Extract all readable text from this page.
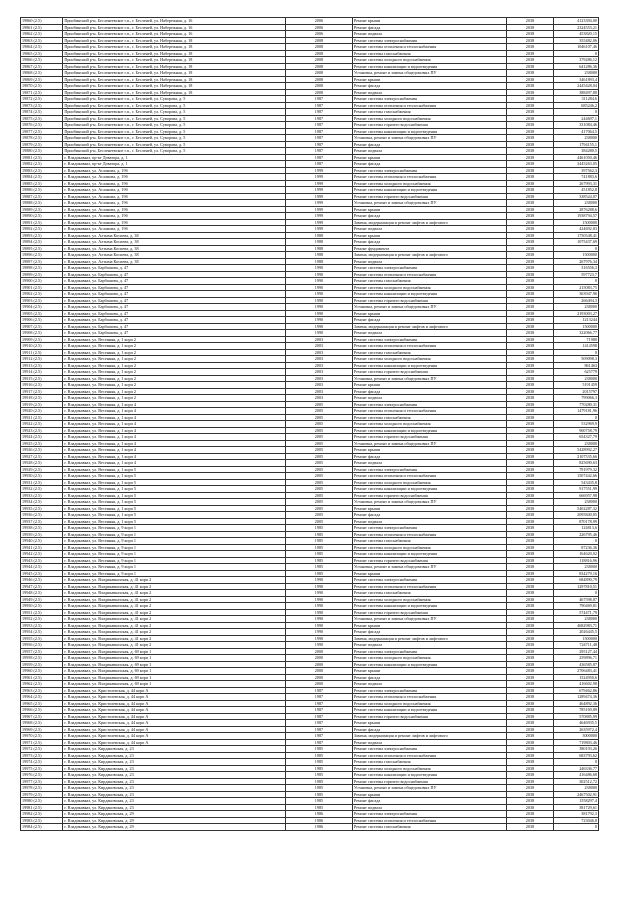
19860 (2.5)	Приобинский р-н, Бесленеевское г.п., г. Бесленей, ул. Набережная, д. 16	2006	Ремонт крыши	2038	4123394,00
19861 (2.5)	Приобинский р-н, Бесленеевское г.п., г. Бесленей, ул. Набережная, д. 16	2006	Ремонт фасада	2038	2324553,21
19862 (2.5)	Приобинский р-н, Бесленеевское г.п., г. Бесленей, ул. Набережная, д. 16	2006	Ремонт подвала	2038	453820,15
19863 (2.5)	Приобинский р-н, Бесленеевское г.п., г. Бесленей, ул. Набережная, д. 18	2008	Ремонт системы электроснабжения	2038	355482,06
19864 (2.5)	Приобинский р-н, Бесленеевское г.п., г. Бесленей, ул. Набережная, д. 18	2008	Ремонт системы отопления и теплоснабжения	2038	1046107,46
19865 (2.5)	Приобинский р-н, Бесленеевское г.п., г. Бесленей, ул. Набережная, д. 18	2008	Ремонт системы газоснабжения	2038	0
19866 (2.5)	Приобинский р-н, Бесленеевское г.п., г. Бесленей, ул. Набережная, д. 18	2008	Ремонт системы холодного водоснабжения	2038	379286,12
19867 (2.5)	Приобинский р-н, Бесленеевское г.п., г. Бесленей, ул. Набережная, д. 18	2008	Ремонт системы канализации и водоотведения	2038	641286,36
19868 (2.5)	Приобинский р-н, Бесленеевское г.п., г. Бесленей, ул. Набережная, д. 18	2008	Установка, ремонт и замена общедомовых ПУ	2038	238000
19869 (2.5)	Приобинский р-н, Бесленеевское г.п., г. Бесленей, ул. Набережная, д. 18	2008	Ремонт крыши	2038	3461893,4
19870 (2.5)	Приобинский р-н, Бесленеевское г.п., г. Бесленей, ул. Набережная, д. 18	2008	Ремонт фасада	2038	2445428,04
19871 (2.5)	Приобинский р-н, Бесленеевское г.п., г. Бесленей, ул. Набережная, д. 18	2008	Ремонт подвала	2038	388497,80
19872 (2.5)	Приобинский р-н, Бесленеевское г.п., г. Бесленей, ул. Суворова, д. 5	1987	Ремонт системы электроснабжения	2038	311284,6
19873 (2.5)	Приобинский р-н, Бесленеевское г.п., г. Бесленей, ул. Суворова, д. 5	1987	Ремонт системы отопления и теплоснабжения	2038	685246,2
19874 (2.5)	Приобинский р-н, Бесленеевское г.п., г. Бесленей, ул. Суворова, д. 5	1987	Ремонт системы газоснабжения	2038	0
19875 (2.5)	Приобинский р-н, Бесленеевское г.п., г. Бесленей, ул. Суворова, д. 5	1987	Ремонт системы холодного водоснабжения	2038	244697,1
19876 (2.5)	Приобинский р-н, Бесленеевское г.п., г. Бесленей, ул. Суворова, д. 5	1987	Ремонт системы горячего водоснабжения	2038	331084,46
19877 (2.5)	Приобинский р-н, Бесленеевское г.п., г. Бесленей, ул. Суворова, д. 5	1987	Ремонт системы канализации и водоотведения	2038	417064,5
19878 (2.5)	Приобинский р-н, Бесленеевское г.п., г. Бесленей, ул. Суворова, д. 5	1987	Установка, ремонт и замена общедомовых ПУ	2038	238000
19879 (2.5)	Приобинский р-н, Бесленеевское г.п., г. Бесленей, ул. Суворова, д. 5	1987	Ремонт фасада	2038	1794155,1
19880 (2.5)	Приобинский р-н, Бесленеевское г.п., г. Бесленей, ул. Суворова, д. 5	1987	Ремонт подвала	2038	384280,5
19881 (2.5)	г. Владикавказ, пр-кт Доватора, д. 1	1987	Ремонт крыши	2038	4461050,46
19882 (2.5)	г. Владикавказ, пр-кт Доватора, д. 1	1987	Ремонт фасада	2038	3445263,05
19883 (2.5)	г. Владикавказ, ул. Асланова, д. 19б	1999	Ремонт системы электроснабжения	2038	397562,3
19884 (2.5)	г. Владикавказ, ул. Асланова, д. 19б	1999	Ремонт системы отопления и теплоснабжения	2038	741883,6
19885 (2.5)	г. Владикавказ, ул. Асланова, д. 19б	1999	Ремонт системы холодного водоснабжения	2038	267993,31
19886 (2.5)	г. Владикавказ, ул. Асланова, д. 19б	1999	Ремонт системы канализации и водоотведения	2038	451852,8
19887 (2.5)	г. Владикавказ, ул. Асланова, д. 19б	1999	Ремонт системы горячего водоснабжения	2038	338524,07
19888 (2.5)	г. Владикавказ, ул. Асланова, д. 19б	1999	Установка, ремонт и замена общедомовых ПУ	2038	238000
19889 (2.5)	г. Владикавказ, ул. Асланова, д. 19б	1999	Ремонт крыши	2038	2876288,6
19890 (2.5)	г. Владикавказ, ул. Асланова, д. 19б	1999	Ремонт фасада	2038	1938794,57
19891 (2.5)	г. Владикавказ, ул. Асланова, д. 19б	1999	Замена, модернизация и ремонт лифтов и лифтового	2038	1500000
19892 (2.5)	г. Владикавказ, ул. Асланова, д. 19б	1999	Ремонт подвала	2038	424692,83
19893 (2.5)	г. Владикавказ, ул. Алтыма Косиева, д. 38	1988	Ремонт крыши	2038	1750548,41
19894 (2.5)	г. Владикавказ, ул. Алтыма Косиева, д. 38	1988	Ремонт фасада	2038	1075437,69
19895 (2.5)	г. Владикавказ, ул. Алтыма Косиева, д. 38	1988	Ремонт фундамента	2038	0
19896 (2.5)	г. Владикавказ, ул. Алтыма Косиева, д. 38	1988	Замена, модернизация и ремонт лифтов и лифтового	2038	1500000
19897 (2.5)	г. Владикавказ, ул. Алтыма Косиева, д. 38	1988	Ремонт подвала	2038	267976,34
19898 (2.5)	г. Владикавказ, ул. Барбашова, д. 47	1990	Ремонт системы электроснабжения	2038	316556,3
19899 (2.5)	г. Владикавказ, ул. Барбашова, д. 47	1990	Ремонт системы отопления и теплоснабжения	2038	597723,7
19900 (2.5)	г. Владикавказ, ул. Барбашова, д. 47	1990	Ремонт системы газоснабжения	2038	0
19901 (2.5)	г. Владикавказ, ул. Барбашова, д. 47	1990	Ремонт системы холодного водоснабжения	2038	215083,75
19902 (2.5)	г. Владикавказ, ул. Барбашова, д. 47	1990	Ремонт системы канализации и водоотведения	2038	363947,96
19903 (2.5)	г. Владикавказ, ул. Барбашова, д. 47	1990	Ремонт системы горячего водоснабжения	2038	266494,3
19904 (2.5)	г. Владикавказ, ул. Барбашова, д. 47	1990	Установка, ремонт и замена общедомовых ПУ	2038	238000
19905 (2.5)	г. Владикавказ, ул. Барбашова, д. 47	1990	Ремонт крыши	2038	2193003,27
19906 (2.5)	г. Владикавказ, ул. Барбашова, д. 47	1990	Ремонт фасада	2038	1213244
19907 (2.5)	г. Владикавказ, ул. Барбашова, д. 47	1990	Замена, модернизация и ремонт лифтов и лифтового	2038	1500000
19908 (2.5)	г. Владикавказ, ул. Барбашова, д. 47	1990	Ремонт подвала	2038	322066,77
19909 (2.5)	г. Владикавказ, ул. Весенняя, д. 1 корп 2	2003	Ремонт системы электроснабжения	2038	71980
19910 (2.5)	г. Владикавказ, ул. Весенняя, д. 1 корп 2	2003	Ремонт системы отопления и теплоснабжения	2038	1414598
19911 (2.5)	г. Владикавказ, ул. Весенняя, д. 1 корп 2	2003	Ремонт системы газоснабжения	2038	0
19912 (2.5)	г. Владикавказ, ул. Весенняя, д. 1 корп 2	2003	Ремонт системы холодного водоснабжения	2038	509098,3
19913 (2.5)	г. Владикавказ, ул. Весенняя, д. 1 корп 2	2003	Ремонт системы канализации и водоотведения	2038	861463
19914 (2.5)	г. Владикавказ, ул. Весенняя, д. 1 корп 2	2003	Ремонт системы горячего водоснабжения	2038	625779
19915 (2.5)	г. Владикавказ, ул. Весенняя, д. 1 корп 2	2003	Установка, ремонт и замена общедомовых ПУ	2038	238000
19916 (2.5)	г. Владикавказ, ул. Весенняя, д. 1 корп 2	2003	Ремонт крыши	2038	5191459
19917 (2.5)	г. Владикавказ, ул. Весенняя, д. 1 корп 2	2003	Ремонт фасада	2038	2015797
19918 (2.5)	г. Владикавказ, ул. Весенняя, д. 1 корп 2	2003	Ремонт подвала	2038	799066,3
19919 (2.5)	г. Владикавказ, ул. Весенняя, д. 1 корп 4	2005	Ремонт системы электроснабжения	2038	770280,31
19920 (2.5)	г. Владикавказ, ул. Весенняя, д. 1 корп 4	2005	Ремонт системы отопления и теплоснабжения	2038	1479181,96
19921 (2.5)	г. Владикавказ, ул. Весенняя, д. 1 корп 4	2005	Ремонт системы газоснабжения	2038	0
19922 (2.5)	г. Владикавказ, ул. Весенняя, д. 1 корп 4	2005	Ремонт системы холодного водоснабжения	2038	532969,9
19923 (2.5)	г. Владикавказ, ул. Весенняя, д. 1 корп 4	2005	Ремонт системы канализации и водоотведения	2038	900758,79
19924 (2.5)	г. Владикавказ, ул. Весенняя, д. 1 корп 4	2005	Ремонт системы горячего водоснабжения	2038	654327,79
19925 (2.5)	г. Владикавказ, ул. Весенняя, д. 1 корп 4	2005	Установка, ремонт и замена общедомовых ПУ	2038	238000
19926 (2.5)	г. Владикавказ, ул. Весенняя, д. 1 корп 4	2005	Ремонт крыши	2038	5428992,27
19927 (2.5)	г. Владикавказ, ул. Весенняя, д. 1 корп 4	2005	Ремонт фасада	2038	2107535,66
19928 (2.5)	г. Владикавказ, ул. Весенняя, д. 1 корп 4	2005	Ремонт подвала	2038	825690,63
19929 (2.5)	г. Владикавказ, ул. Весенняя, д. 1 корп 5	2005	Ремонт системы электроснабжения	2038	791979,32
19930 (2.5)	г. Владикавказ, ул. Весенняя, д. 1 корп 5	2005	Ремонт системы отопления и теплоснабжения	2038	1507442,66
19931 (2.5)	г. Владикавказ, ул. Весенняя, д. 1 корп 5	2005	Ремонт системы холодного водоснабжения	2038	543435,8
19932 (2.5)	г. Владикавказ, ул. Весенняя, д. 1 корп 5	2005	Ремонт системы канализации и водоотведения	2038	917551,99
19933 (2.5)	г. Владикавказ, ул. Весенняя, д. 1 корп 5	2005	Ремонт системы горячего водоснабжения	2038	666957,98
19934 (2.5)	г. Владикавказ, ул. Весенняя, д. 1 корп 5	2005	Установка, ремонт и замена общедомовых ПУ	2038	238000
19935 (2.5)	г. Владикавказ, ул. Весенняя, д. 1 корп 5	2005	Ремонт крыши	2038	5402287,32
19936 (2.5)	г. Владикавказ, ул. Весенняя, д. 1 корп 5	2005	Ремонт фасада	2038	2095840,05
19937 (2.5)	г. Владикавказ, ул. Весенняя, д. 1 корп 5	2005	Ремонт подвала	2038	870178,99
19938 (2.5)	г. Владикавказ, ул. Весенняя, д. 9 корп 1	1985	Ремонт системы электроснабжения	2038	124813,6
19939 (2.5)	г. Владикавказ, ул. Весенняя, д. 9 корп 1	1985	Ремонт системы отопления и теплоснабжения	2038	226795,46
19940 (2.5)	г. Владикавказ, ул. Весенняя, д. 9 корп 1	1985	Ремонт системы газоснабжения	2038	0
19941 (2.5)	г. Владикавказ, ул. Весенняя, д. 9 корп 1	1985	Ремонт системы холодного водоснабжения	2038	87236,36
19942 (2.5)	г. Владикавказ, ул. Весенняя, д. 9 корп 1	1985	Ремонт системы канализации и водоотведения	2038	164620,02
19943 (2.5)	г. Владикавказ, ул. Весенняя, д. 9 корп 1	1985	Ремонт системы горячего водоснабжения	2038	118816,96
19944 (2.5)	г. Владикавказ, ул. Весенняя, д. 9 корп 1	1985	Установка, ремонт и замена общедомовых ПУ	2038	238000
19945 (2.5)	г. Владикавказ, ул. Весенняя, д. 9 корп 1	1985	Ремонт крыши	2038	834279,16
19946 (2.5)	г. Владикавказ, ул. Владикавказская, д. 41 корп 2	1990	Ремонт системы электроснабжения	2038	684890,79
19947 (2.5)	г. Владикавказ, ул. Владикавказская, д. 41 корп 2	1990	Ремонт системы отопления и теплоснабжения	2038	1297810,51
19948 (2.5)	г. Владикавказ, ул. Владикавказская, д. 41 корп 2	1990	Ремонт системы газоснабжения	2038	0
19949 (2.5)	г. Владикавказ, ул. Владикавказская, д. 41 корп 2	1990	Ремонт системы холодного водоснабжения	2038	467598,87
19950 (2.5)	г. Владикавказ, ул. Владикавказская, д. 41 корп 2	1990	Ремонт системы канализации и водоотведения	2038	790469,81
19951 (2.5)	г. Владикавказ, ул. Владикавказская, д. 41 корп 2	1990	Ремонт системы горячего водоснабжения	2038	574471,79
19952 (2.5)	г. Владикавказ, ул. Владикавказская, д. 41 корп 2	1990	Установка, ремонт и замена общедомовых ПУ	2038	238000
19953 (2.5)	г. Владикавказ, ул. Владикавказская, д. 41 корп 2	1990	Ремонт крыши	2038	4682983,71
19954 (2.5)	г. Владикавказ, ул. Владикавказская, д. 41 корп 2	1990	Ремонт фасада	2038	2026445,5
19955 (2.5)	г. Владикавказ, ул. Владикавказская, д. 41 корп 2	1990	Замена, модернизация и ремонт лифтов и лифтового	2038	1500000
19956 (2.5)	г. Владикавказ, ул. Владикавказская, д. 41 корп 2	1990	Ремонт подвала	2038	724711,48
19957 (2.5)	г. Владикавказ, ул. Владикавказская, д. 69 корп 1	2000	Ремонт системы электроснабжения	2038	295127,44
19958 (2.5)	г. Владикавказ, ул. Владикавказская, д. 69 корп 1	2000	Ремонт системы холодного водоснабжения	2038	259896,71
19959 (2.5)	г. Владикавказ, ул. Владикавказская, д. 69 корп 1	2000	Ремонт системы канализации и водоотведения	2038	436585,87
19960 (2.5)	г. Владикавказ, ул. Владикавказская, д. 69 корп 1	2000	Ремонт крыши	2038	2706483,41
19961 (2.5)	г. Владикавказ, ул. Владикавказская, д. 69 корп 1	2000	Ремонт фасада	2038	1524950,6
19962 (2.5)	г. Владикавказ, ул. Владикавказская, д. 69 корп 1	2000	Ремонт подвала	2038	416602,98
19963 (2.5)	г. Владикавказ, ул. Кристолевская, д. 44 корп А	1987	Ремонт системы электроснабжения	2038	679462,86
19964 (2.5)	г. Владикавказ, ул. Кристолевская, д. 44 корп А	1987	Ремонт системы отопления и теплоснабжения	2038	1289474,36
19965 (2.5)	г. Владикавказ, ул. Кристолевская, д. 44 корп А	1987	Ремонт системы холодного водоснабжения	2038	464892,36
19966 (2.5)	г. Владикавказ, ул. Кристолевская, д. 44 корп А	1987	Ремонт системы канализации и водоотведения	2038	785169,89
19967 (2.5)	г. Владикавказ, ул. Кристолевская, д. 44 корп А	1987	Ремонт системы горячего водоснабжения	2038	570885,99
19968 (2.5)	г. Владикавказ, ул. Кристолевская, д. 44 корп А	1987	Ремонт крыши	2038	4646935,5
19969 (2.5)	г. Владикавказ, ул. Кристолевская, д. 44 корп А	1987	Ремонт фасада	2038	2635972,4
19970 (2.5)	г. Владикавказ, ул. Кристолевская, д. 44 корп А	1987	Замена, модернизация и ремонт лифтов и лифтового	2038	3000000
19971 (2.5)	г. Владикавказ, ул. Кристолевская, д. 44 корп А	1987	Ремонт подвала	2038	719803,46
19972 (2.5)	г. Владикавказ, ул. Кирдановская, д. 23	1985	Ремонт системы электроснабжения	2038	380193,26
19973 (2.5)	г. Владикавказ, ул. Кирдановская, д. 23	1985	Ремонт системы отопления и теплоснабжения	2038	683793,62
19974 (2.5)	г. Владикавказ, ул. Кирдановская, д. 23	1985	Ремонт системы газоснабжения	2038	0
19975 (2.5)	г. Владикавказ, ул. Кирдановская, д. 23	1985	Ремонт системы холодного водоснабжения	2038	246336,77
19976 (2.5)	г. Владикавказ, ул. Кирдановская, д. 23	1985	Ремонт системы канализации и водоотведения	2038	416486,68
19977 (2.5)	г. Владикавказ, ул. Кирдановская, д. 23	1985	Ремонт системы горячего водоснабжения	2038	302512,72
19978 (2.5)	г. Владикавказ, ул. Кирдановская, д. 23	1985	Установка, ремонт и замена общедомовых ПУ	2038	238000
19979 (2.5)	г. Владикавказ, ул. Кирдановская, д. 23	1985	Ремонт крыши	2038	2467502,91
19980 (2.5)	г. Владикавказ, ул. Кирдановская, д. 23	1985	Ремонт фасада	2038	1558297,4
19981 (2.5)	г. Владикавказ, ул. Кирдановская, д. 23	1985	Ремонт подвала	2038	381729,61
19982 (2.5)	г. Владикавказ, ул. Кирдановская, д. 29	1986	Ремонт системы электроснабжения	2038	381792,3
19983 (2.5)	г. Владикавказ, ул. Кирдановская, д. 29	1986	Ремонт системы отопления и теплоснабжения	2038	723046,8
19984 (2.5)	г. Владикавказ, ул. Кирдановская, д. 29	1986	Ремонт системы газоснабжения	2038	0
